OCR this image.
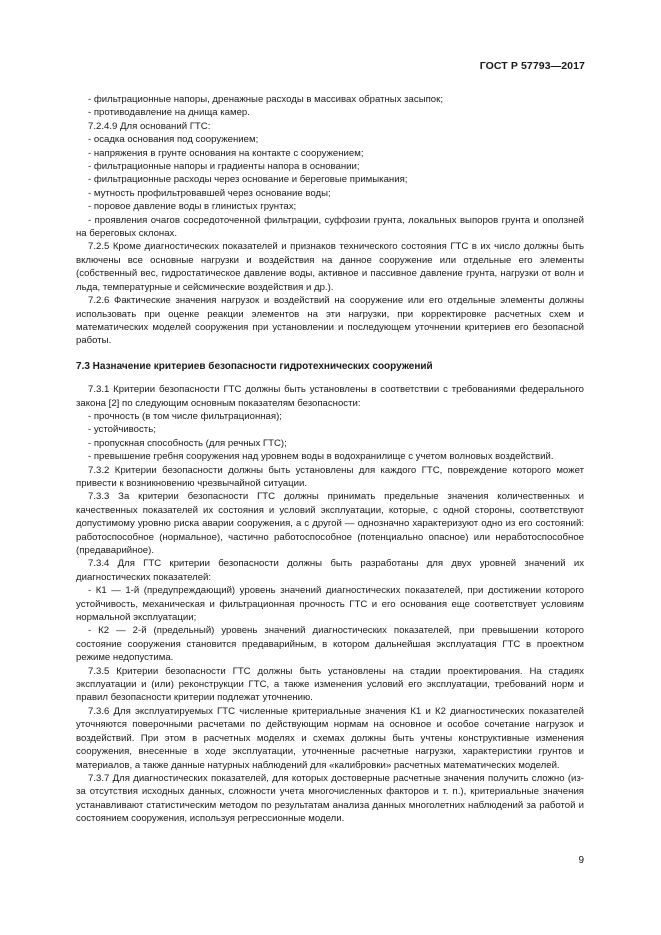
ГОСТ Р 57793—2017

- фильтрационные напоры, дренажные расходы в массивах обратных засыпок;

- противодавление на днища камер.

7.2.4.9 Для оснований ГТС:

- осадка основания под сооружением;

- напряжения в грунте основания на контакте с сооружением;

- фильтрационные напоры и градиенты напора в основании;

- фильтрационные расходы через основание и береговые примыкания;

- мутность профильтровавшей через основание воды;

- поровое давление воды в глинистых грунтах;

- проявления очагов сосредоточенной фильтрации, суффозии грунта, локальных выпоров грунта и оползней на береговых склонах.

7.2.5 Кроме диагностических показателей и признаков технического состояния ГТС в их число должны быть включены все основные нагрузки и воздействия на данное сооружение или отдельные его элементы (собственный вес, гидростатическое давление воды, активное и пассивное давление грунта, нагрузки от волн и льда, температурные и сейсмические воздействия и др.).

7.2.6 Фактические значения нагрузок и воздействий на сооружение или его отдельные элементы должны использовать при оценке реакции элементов на эти нагрузки, при корректировке расчетных схем и математических моделей сооружения при установлении и последующем уточнении критериев его безопасной работы.

7.3 Назначение критериев безопасности гидротехнических сооружений

7.3.1 Критерии безопасности ГТС должны быть установлены в соответствии с требованиями федерального закона [2] по следующим основным показателям безопасности:

- прочность (в том числе фильтрационная);

- устойчивость;

- пропускная способность (для речных ГТС);

- превышение гребня сооружения над уровнем воды в водохранилище с учетом волновых воздействий.

7.3.2 Критерии безопасности должны быть установлены для каждого ГТС, повреждение которого может привести к возникновению чрезвычайной ситуации.

7.3.3 За критерии безопасности ГТС должны принимать предельные значения количественных и качественных показателей их состояния и условий эксплуатации, которые, с одной стороны, соответствуют допустимому уровню риска аварии сооружения, а с другой — однозначно характеризуют одно из его состояний: работоспособное (нормальное), частично работоспособное (потенциально опасное) или неработоспособное (предаварийное).

7.3.4 Для ГТС критерии безопасности должны быть разработаны для двух уровней значений их диагностических показателей:

- К1 — 1-й (предупреждающий) уровень значений диагностических показателей, при достижении которого устойчивость, механическая и фильтрационная прочность ГТС и его основания еще соответствует условиям нормальной эксплуатации;

- К2 — 2-й (предельный) уровень значений диагностических показателей, при превышении которого состояние сооружения становится предаварийным, в котором дальнейшая эксплуатация ГТС в проектном режиме недопустима.

7.3.5 Критерии безопасности ГТС должны быть установлены на стадии проектирования. На стадиях эксплуатации и (или) реконструкции ГТС, а также изменения условий его эксплуатации, требований норм и правил безопасности критерии подлежат уточнению.

7.3.6 Для эксплуатируемых ГТС численные критериальные значения К1 и К2 диагностических показателей уточняются поверочными расчетами по действующим нормам на основное и особое сочетание нагрузок и воздействий. При этом в расчетных моделях и схемах должны быть учтены конструктивные изменения сооружения, внесенные в ходе эксплуатации, уточненные расчетные нагрузки, характеристики грунтов и материалов, а также данные натурных наблюдений для «калибровки» расчетных математических моделей.

7.3.7 Для диагностических показателей, для которых достоверные расчетные значения получить сложно (из-за отсутствия исходных данных, сложности учета многочисленных факторов и т. п.), критериальные значения устанавливают статистическим методом по результатам анализа данных многолетних наблюдений за работой и состоянием сооружения, используя регрессионные модели.

9
